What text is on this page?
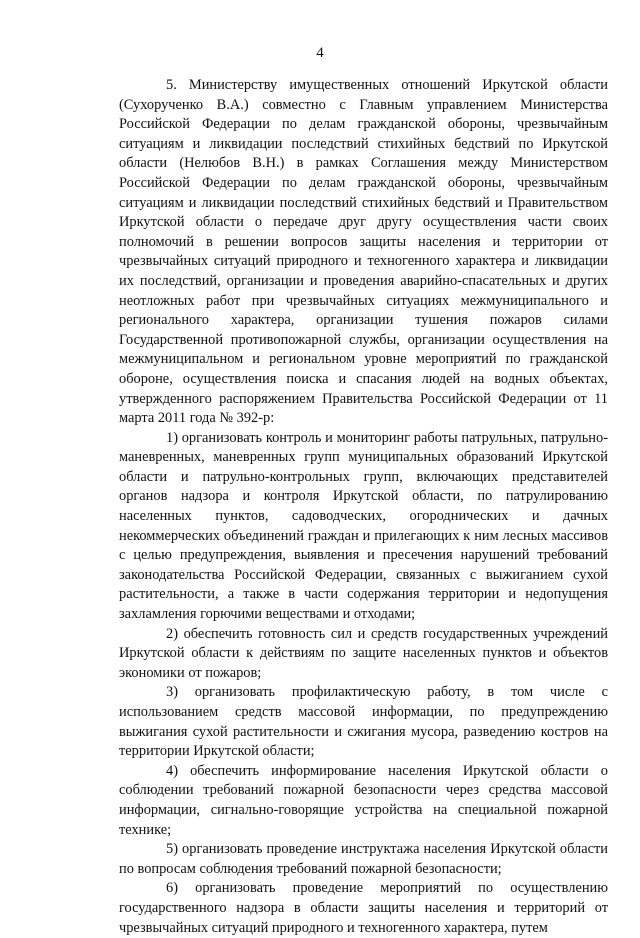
4

5. Министерству имущественных отношений Иркутской области (Сухорученко В.А.) совместно с Главным управлением Министерства Российской Федерации по делам гражданской обороны, чрезвычайным ситуациям и ликвидации последствий стихийных бедствий по Иркутской области (Нелюбов В.Н.) в рамках Соглашения между Министерством Российской Федерации по делам гражданской обороны, чрезвычайным ситуациям и ликвидации последствий стихийных бедствий и Правительством Иркутской области о передаче друг другу осуществления части своих полномочий в решении вопросов защиты населения и территории от чрезвычайных ситуаций природного и техногенного характера и ликвидации их последствий, организации и проведения аварийно-спасательных и других неотложных работ при чрезвычайных ситуациях межмуниципального и регионального характера, организации тушения пожаров силами Государственной противопожарной службы, организации осуществления на межмуниципальном и региональном уровне мероприятий по гражданской обороне, осуществления поиска и спасания людей на водных объектах, утвержденного распоряжением Правительства Российской Федерации от 11 марта 2011 года № 392-р:

1) организовать контроль и мониторинг работы патрульных, патрульно-маневренных, маневренных групп муниципальных образований Иркутской области и патрульно-контрольных групп, включающих представителей органов надзора и контроля Иркутской области, по патрулированию населенных пунктов, садоводческих, огороднических и дачных некоммерческих объединений граждан и прилегающих к ним лесных массивов с целью предупреждения, выявления и пресечения нарушений требований законодательства Российской Федерации, связанных с выжиганием сухой растительности, а также в части содержания территории и недопущения захламления горючими веществами и отходами;

2) обеспечить готовность сил и средств государственных учреждений Иркутской области к действиям по защите населенных пунктов и объектов экономики от пожаров;

3) организовать профилактическую работу, в том числе с использованием средств массовой информации, по предупреждению выжигания сухой растительности и сжигания мусора, разведению костров на территории Иркутской области;

4) обеспечить информирование населения Иркутской области о соблюдении требований пожарной безопасности через средства массовой информации, сигнально-говорящие устройства на специальной пожарной технике;

5) организовать проведение инструктажа населения Иркутской области по вопросам соблюдения требований пожарной безопасности;

6) организовать проведение мероприятий по осуществлению государственного надзора в области защиты населения и территорий от чрезвычайных ситуаций природного и техногенного характера, путем
